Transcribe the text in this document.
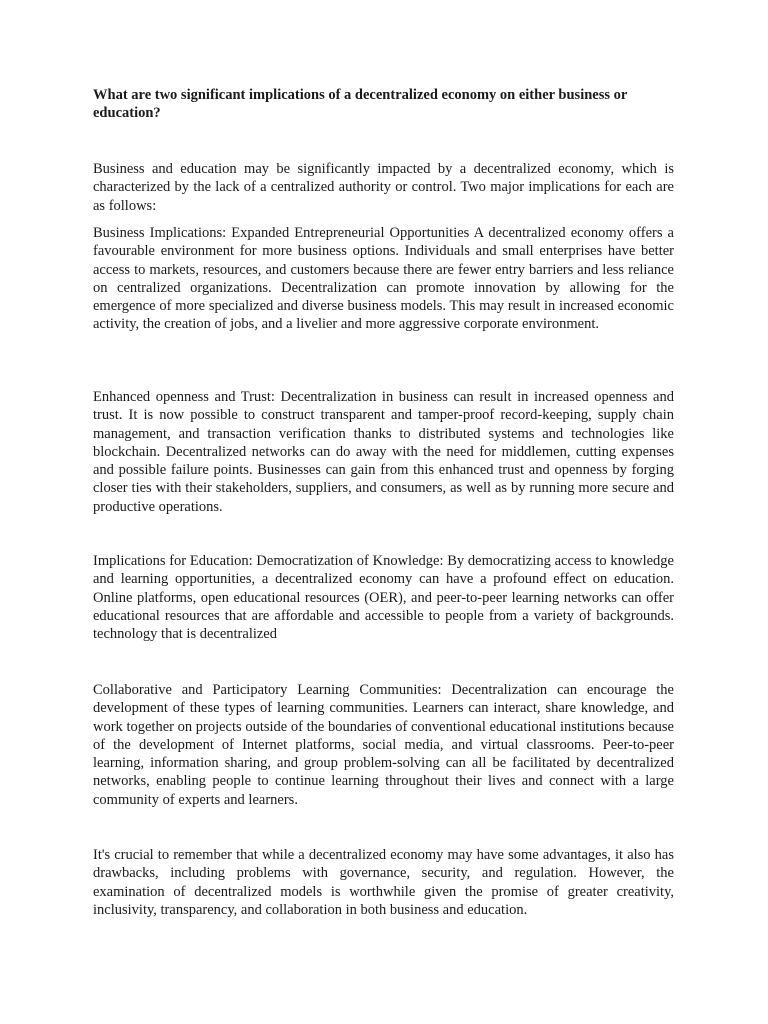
What are two significant implications of a decentralized economy on either business or education?

Business and education may be significantly impacted by a decentralized economy, which is characterized by the lack of a centralized authority or control. Two major implications for each are as follows:

Business Implications: Expanded Entrepreneurial Opportunities A decentralized economy offers a favourable environment for more business options. Individuals and small enterprises have better access to markets, resources, and customers because there are fewer entry barriers and less reliance on centralized organizations. Decentralization can promote innovation by allowing for the emergence of more specialized and diverse business models. This may result in increased economic activity, the creation of jobs, and a livelier and more aggressive corporate environment.

Enhanced openness and Trust: Decentralization in business can result in increased openness and trust. It is now possible to construct transparent and tamper-proof record-keeping, supply chain management, and transaction verification thanks to distributed systems and technologies like blockchain. Decentralized networks can do away with the need for middlemen, cutting expenses and possible failure points. Businesses can gain from this enhanced trust and openness by forging closer ties with their stakeholders, suppliers, and consumers, as well as by running more secure and productive operations.

Implications for Education: Democratization of Knowledge: By democratizing access to knowledge and learning opportunities, a decentralized economy can have a profound effect on education. Online platforms, open educational resources (OER), and peer-to-peer learning networks can offer educational resources that are affordable and accessible to people from a variety of backgrounds. technology that is decentralized

Collaborative and Participatory Learning Communities: Decentralization can encourage the development of these types of learning communities. Learners can interact, share knowledge, and work together on projects outside of the boundaries of conventional educational institutions because of the development of Internet platforms, social media, and virtual classrooms. Peer-to-peer learning, information sharing, and group problem-solving can all be facilitated by decentralized networks, enabling people to continue learning throughout their lives and connect with a large community of experts and learners.

It's crucial to remember that while a decentralized economy may have some advantages, it also has drawbacks, including problems with governance, security, and regulation. However, the examination of decentralized models is worthwhile given the promise of greater creativity, inclusivity, transparency, and collaboration in both business and education.
